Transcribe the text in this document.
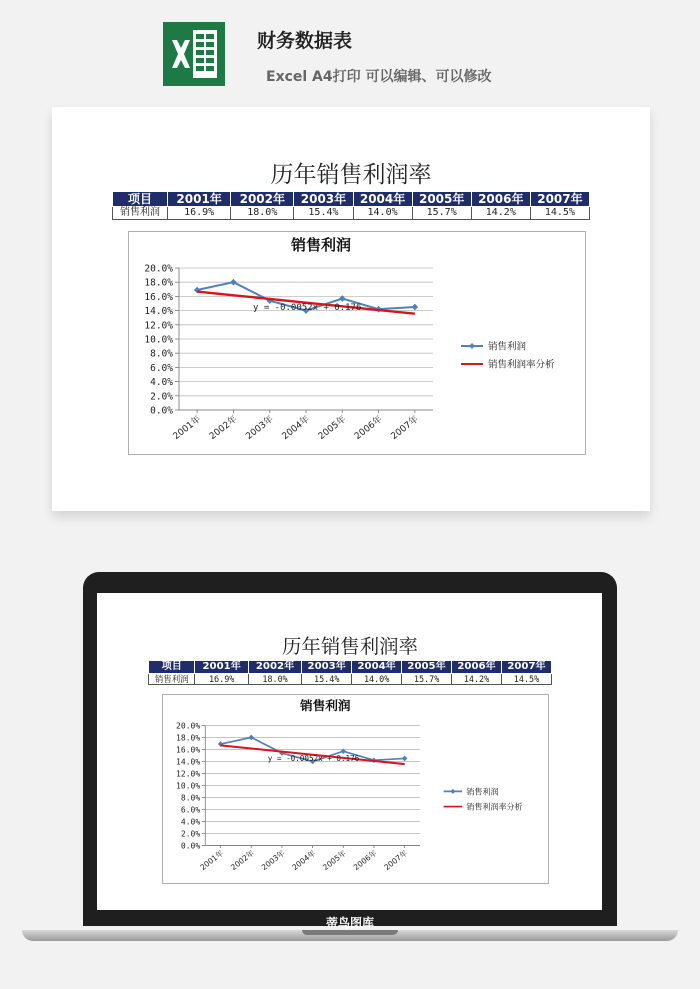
财务数据表
Excel A4打印 可以编辑、可以修改
历年销售利润率
项目	2001年	2002年	2003年	2004年	2005年	2006年	2007年
销售利润	16.9%	18.0%	15.4%	14.0%	15.7%	14.2%	14.5%
销售利润
0.0%
2.0%
4.0%
6.0%
8.0%
10.0%
12.0%
14.0%
16.0%
18.0%
20.0%
2001年 2002年 2003年 2004年 2005年 2006年 2007年
y = -0.0052x + 0.176
销售利润
销售利润率分析
历年销售利润率
项目	2001年	2002年	2003年	2004年	2005年	2006年	2007年
销售利润	16.9%	18.0%	15.4%	14.0%	15.7%	14.2%	14.5%
销售利润
0.0%
2.0%
4.0%
6.0%
8.0%
10.0%
12.0%
14.0%
16.0%
18.0%
20.0%
2001年 2002年 2003年 2004年 2005年 2006年 2007年
y = -0.0052x + 0.176
销售利润
销售利润率分析
蒂鸟图库
